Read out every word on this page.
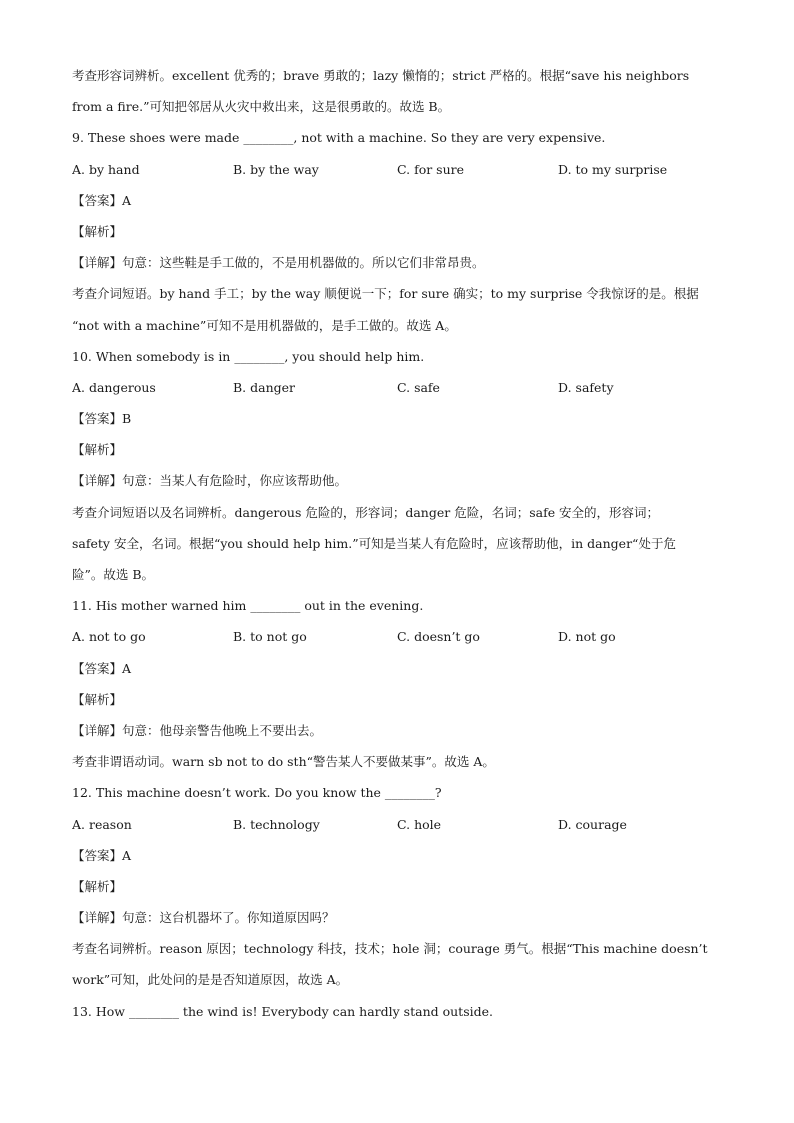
考查形容词辨析。excellent 优秀的；brave 勇敢的；lazy 懒惰的；strict 严格的。根据“save his neighbors
from a fire.”可知把邻居从火灾中救出来，这是很勇敢的。故选 B。
9. These shoes were made ________, not with a machine. So they are very expensive.
A. by hand	B. by the way	C. for sure	D. to my surprise
【答案】A
【解析】
【详解】句意：这些鞋是手工做的，不是用机器做的。所以它们非常昂贵。
考查介词短语。by hand 手工；by the way 顺便说一下；for sure 确实；to my surprise 令我惊讶的是。根据
“not with a machine”可知不是用机器做的，是手工做的。故选 A。
10. When somebody is in ________, you should help him.
A. dangerous	B. danger	C. safe	D. safety
【答案】B
【解析】
【详解】句意：当某人有危险时，你应该帮助他。
考查介词短语以及名词辨析。dangerous 危险的，形容词；danger 危险，名词；safe 安全的，形容词；
safety 安全，名词。根据“you should help him.”可知是当某人有危险时，应该帮助他，in danger“处于危
险”。故选 B。
11. His mother warned him ________ out in the evening.
A. not to go	B. to not go	C. doesn’t go	D. not go
【答案】A
【解析】
【详解】句意：他母亲警告他晚上不要出去。
考查非谓语动词。warn sb not to do sth“警告某人不要做某事”。故选 A。
12. This machine doesn’t work. Do you know the ________?
A. reason	B. technology	C. hole	D. courage
【答案】A
【解析】
【详解】句意：这台机器坏了。你知道原因吗？
考查名词辨析。reason 原因；technology 科技，技术；hole 洞；courage 勇气。根据“This machine doesn’t
work”可知，此处问的是是否知道原因，故选 A。
13. How ________ the wind is! Everybody can hardly stand outside.
